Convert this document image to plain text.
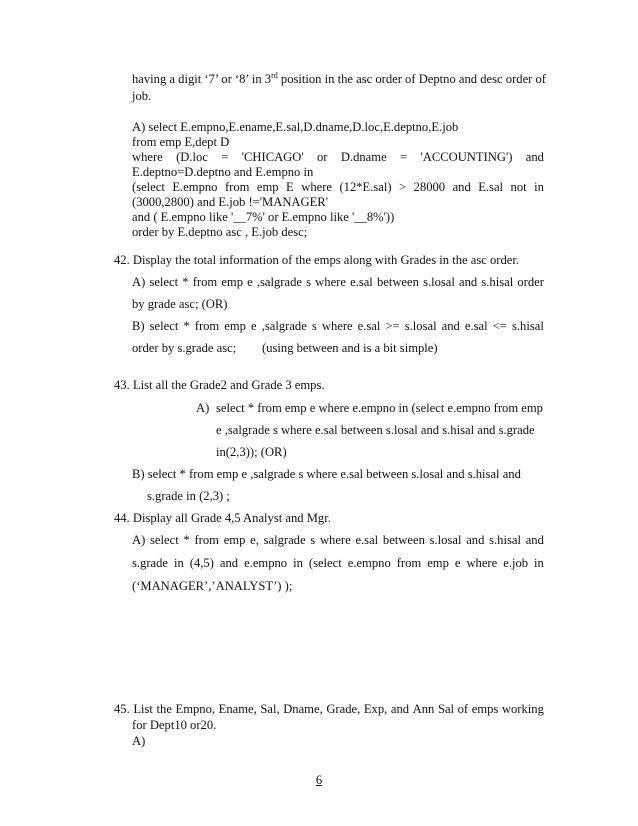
having a digit ‘7’ or ‘8’ in 3rd position in the asc order of Deptno and desc order of
job.
A) select E.empno,E.ename,E.sal,D.dname,D.loc,E.deptno,E.job
from emp E,dept D
where (D.loc = 'CHICAGO' or D.dname = 'ACCOUNTING') and
E.deptno=D.deptno and E.empno in
(select E.empno from emp E where (12*E.sal) > 28000 and E.sal not in
(3000,2800) and E.job !='MANAGER'
and ( E.empno like '__7%' or E.empno like '__8%'))
order by E.deptno asc , E.job desc;
42. Display the total information of the emps along with Grades in the asc order.
A) select * from emp e ,salgrade s where e.sal between s.losal and s.hisal order
by grade asc; (OR)
B) select * from emp e ,salgrade s where e.sal >= s.losal and e.sal <= s.hisal
order by s.grade asc; (using between and is a bit simple)
43. List all the Grade2 and Grade 3 emps.
A) select * from emp e where e.empno in (select e.empno from emp
e ,salgrade s where e.sal between s.losal and s.hisal and s.grade
in(2,3)); (OR)
B) select * from emp e ,salgrade s where e.sal between s.losal and s.hisal and
s.grade in (2,3) ;
44. Display all Grade 4,5 Analyst and Mgr.
A) select * from emp e, salgrade s where e.sal between s.losal and s.hisal and
s.grade in (4,5) and e.empno in (select e.empno from emp e where e.job in
(‘MANAGER’,’ANALYST’) );
45. List the Empno, Ename, Sal, Dname, Grade, Exp, and Ann Sal of emps working
for Dept10 or20.
A)
6
